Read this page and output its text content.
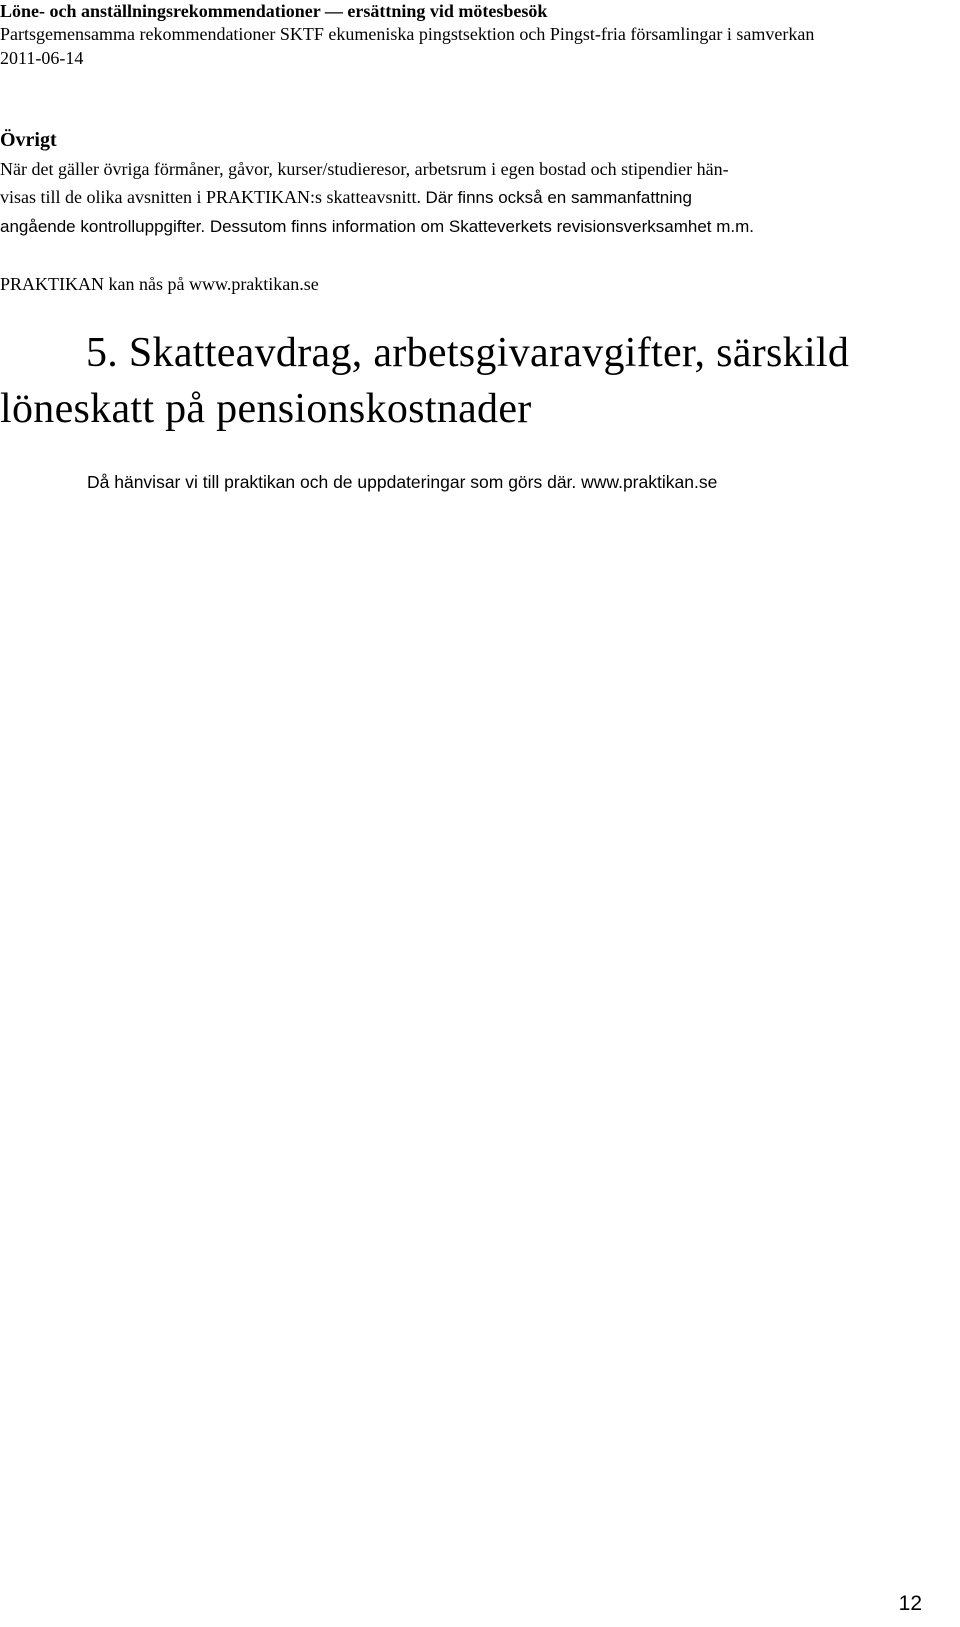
Löne- och anställningsrekommendationer — ersättning vid mötesbesök

Partsgemensamma rekommendationer SKTF ekumeniska pingstsektion och Pingst-fria församlingar i samverkan

2011-06-14

Övrigt

När det gäller övriga förmåner, gåvor, kurser/studieresor, arbetsrum i egen bostad och stipendier hän-
visas till de olika avsnitten i PRAKTIKAN:s skatteavsnitt. Där finns också en sammanfattning
angående kontrolluppgifter. Dessutom finns information om Skatteverkets revisionsverksamhet m.m.

PRAKTIKAN kan nås på www.praktikan.se

5. Skatteavdrag, arbetsgivaravgifter, särskild
löneskatt på pensionskostnader

Då hänvisar vi till praktikan och de uppdateringar som görs där. www.praktikan.se

12
